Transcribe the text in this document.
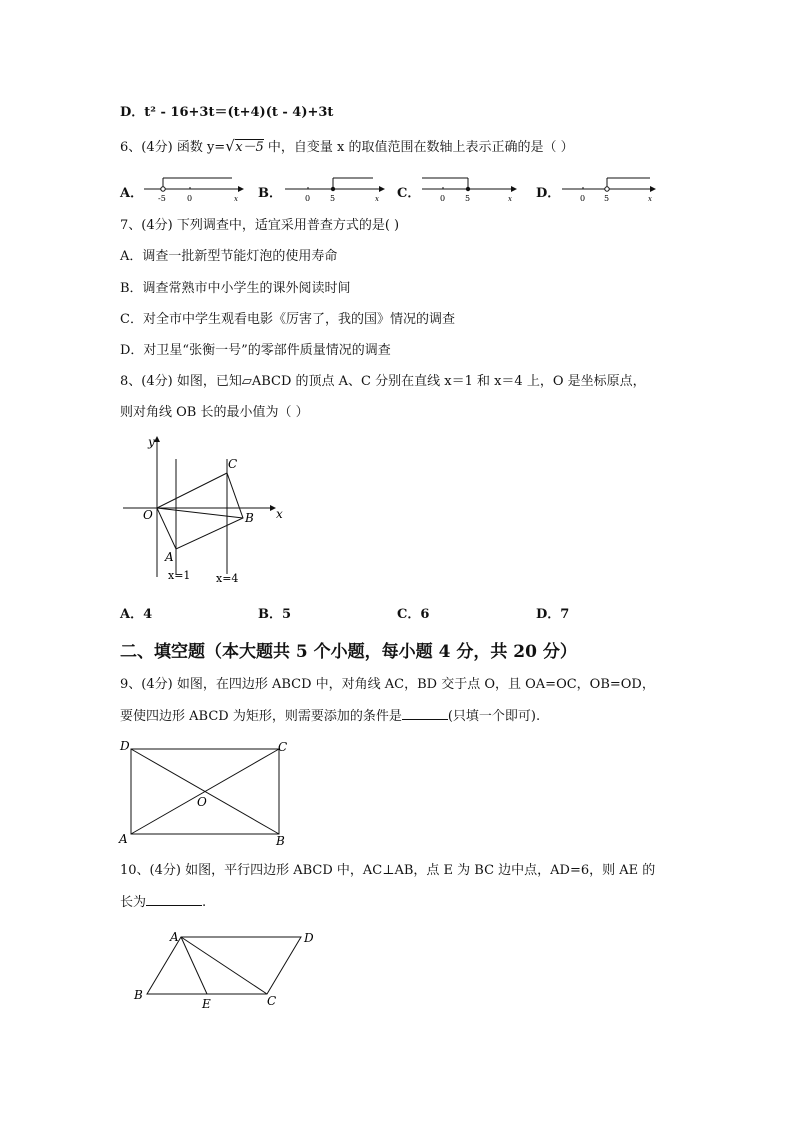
D．t² - 16+3t＝(t+4)(t - 4)+3t
6、(4分) 函数 y= √ x－5 中，自变量 x 的取值范围在数轴上表示正确的是（ ）
A． -5	0	x B．	0 5	x C． 0 5	x D． 0 5	x
7、(4分) 下列调查中，适宜采用普查方式的是( )
A．调查一批新型节能灯泡的使用寿命
B．调查常熟市中小学生的课外阅读时间
C．对全市中学生观看电影《厉害了，我的国》情况的调查
D．对卫星“张衡一号”的零部件质量情况的调查
8、(4分) 如图，已知▱ABCD 的顶点 A、C 分别在直线 x＝1 和 x＝4 上，O 是坐标原点，
则对角线 OB 长的最小值为（ ）
y
x
O
A
B
C
x=1 x=4
A．4	B．5	C．6	D．7
二、填空题（本大题共 5 个小题，每小题 4 分，共 20 分）
9、(4分) 如图，在四边形 ABCD 中，对角线 AC，BD 交于点 O，且 OA=OC，OB=OD，
要使四边形 ABCD 为矩形，则需要添加的条件是	(只填一个即可).
D	C
A	B
O
10、(4分) 如图，平行四边形 ABCD 中，AC⊥AB，点 E 为 BC 边中点，AD=6，则 AE 的
长为	.
A	D
B
E	C
